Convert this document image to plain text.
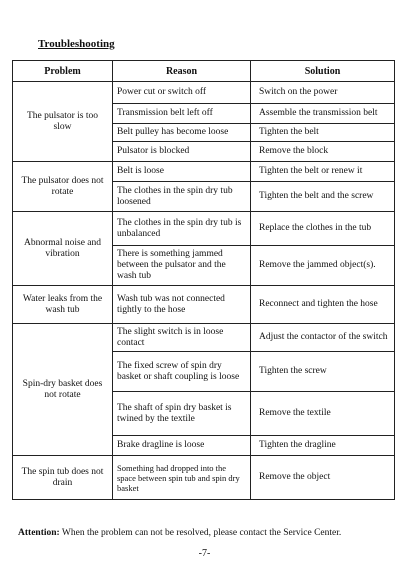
Troubleshooting
Problem	Reason	Solution
The pulsator is too slow	Power cut or switch off	Switch on the power
	Transmission belt left off	Assemble the transmission belt
	Belt pulley has become loose	Tighten the belt
	Pulsator is blocked	Remove the block
The pulsator does not rotate	Belt is loose	Tighten the belt or renew it
	The clothes in the spin dry tub loosened	Tighten the belt and the screw
Abnormal noise and vibration	The clothes in the spin dry tub is unbalanced	Replace the clothes in the tub
	There is something jammed between the pulsator and the wash tub	Remove the jammed object(s).
Water leaks from the wash tub	Wash tub was not connected tightly to the hose	Reconnect and tighten the hose
Spin-dry basket does not rotate	The slight switch is in loose contact	Adjust the contactor of the switch
	The fixed screw of spin dry basket or shaft coupling is loose	Tighten the screw
	The shaft of spin dry basket is twined by the textile	Remove the textile
	Brake dragline is loose	Tighten the dragline
The spin tub does not drain	Something had dropped into the space between spin tub and spin dry basket	Remove the object
Attention: When the problem can not be resolved, please contact the Service Center.
-7-
